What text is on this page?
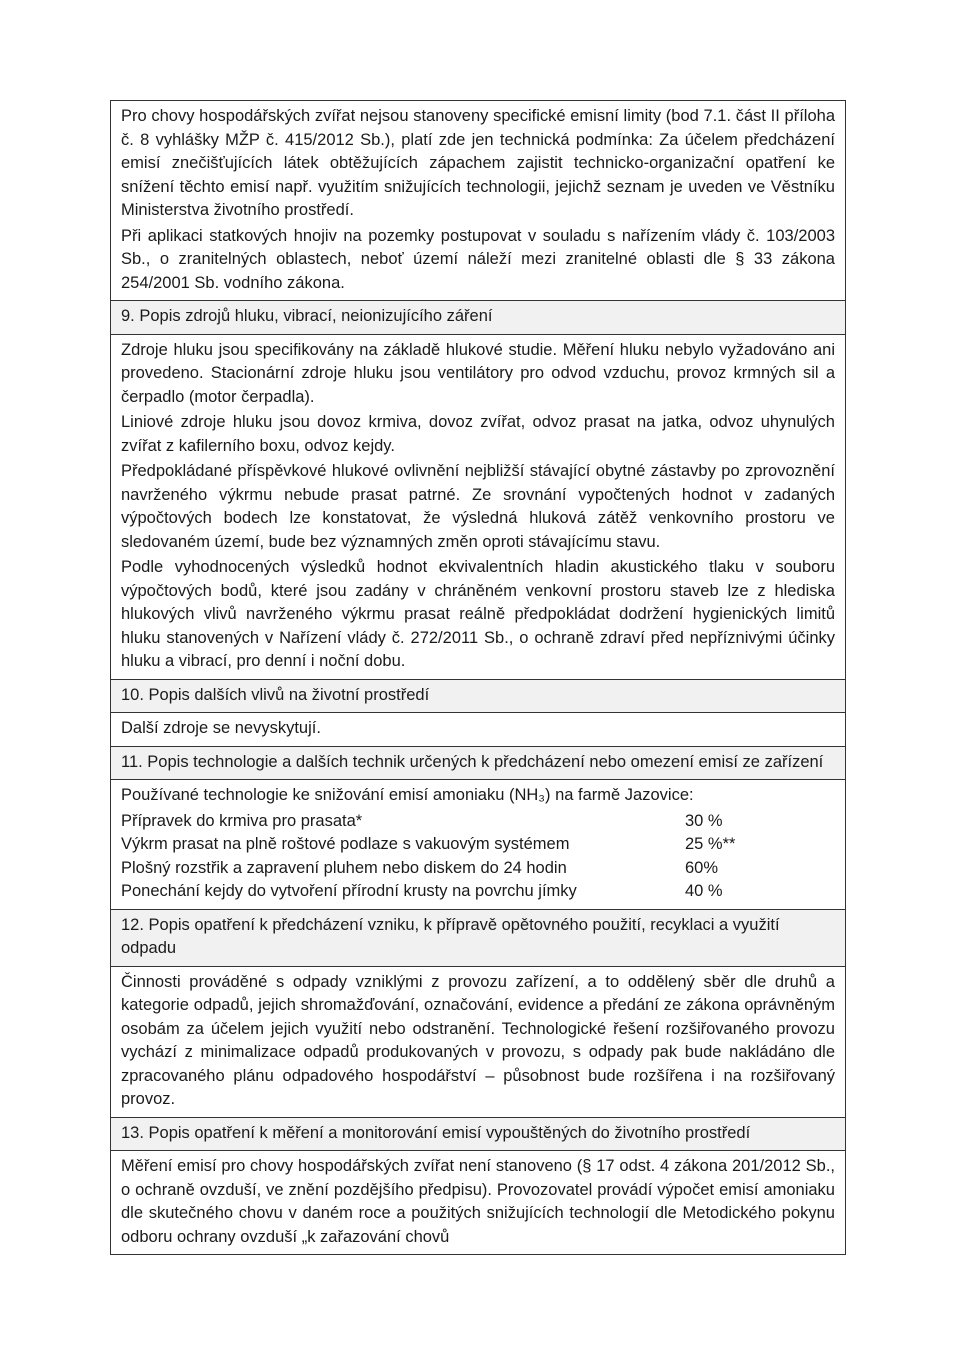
Pro chovy hospodářských zvířat nejsou stanoveny specifické emisní limity (bod 7.1. část II příloha č. 8 vyhlášky MŽP č. 415/2012 Sb.), platí zde jen technická podmínka: Za účelem předcházení emisí znečišťujících látek obtěžujících zápachem zajistit technicko-organizační opatření ke snížení těchto emisí např. využitím snižujících technologii, jejichž seznam je uveden ve Věstníku Ministerstva životního prostředí.

Při aplikaci statkových hnojiv na pozemky postupovat v souladu s nařízením vlády č. 103/2003 Sb., o zranitelných oblastech, neboť území náleží mezi zranitelné oblasti dle § 33 zákona 254/2001 Sb. vodního zákona.

9. Popis zdrojů hluku, vibrací, neionizujícího záření

Zdroje hluku jsou specifikovány na základě hlukové studie. Měření hluku nebylo vyžadováno ani provedeno. Stacionární zdroje hluku jsou ventilátory pro odvod vzduchu, provoz krmných sil a čerpadlo (motor čerpadla).

Liniové zdroje hluku jsou dovoz krmiva, dovoz zvířat, odvoz prasat na jatka, odvoz uhynulých zvířat z kafilerního boxu, odvoz kejdy.

Předpokládané příspěvkové hlukové ovlivnění nejbližší stávající obytné zástavby po zprovoznění navrženého výkrmu nebude prasat patrné. Ze srovnání vypočtených hodnot v zadaných výpočtových bodech lze konstatovat, že výsledná hluková zátěž venkovního prostoru ve sledovaném území, bude bez významných změn oproti stávajícímu stavu.

Podle vyhodnocených výsledků hodnot ekvivalentních hladin akustického tlaku v souboru výpočtových bodů, které jsou zadány v chráněném venkovní prostoru staveb lze z hlediska hlukových vlivů navrženého výkrmu prasat reálně předpokládat dodržení hygienických limitů hluku stanovených v Nařízení vlády č. 272/2011 Sb., o ochraně zdraví před nepříznivými účinky hluku a vibrací, pro denní i noční dobu.

10. Popis dalších vlivů na životní prostředí

Další zdroje se nevyskytují.

11. Popis technologie a dalších technik určených k předcházení nebo omezení emisí ze zařízení

Používané technologie ke snižování emisí amoniaku (NH₃) na farmě Jazovice:

Přípravek do krmiva pro prasata*	30 %
Výkrm prasat na plně roštové podlaze s vakuovým systémem	25 %**
Plošný rozstřik a zapravení pluhem nebo diskem do 24 hodin	60%
Ponechání kejdy do vytvoření přírodní krusty na povrchu jímky	40 %

12. Popis opatření k předcházení vzniku, k přípravě opětovného použití, recyklaci a využití odpadu

Činnosti prováděné s odpady vzniklými z provozu zařízení, a to oddělený sběr dle druhů a kategorie odpadů, jejich shromažďování, označování, evidence a předání ze zákona oprávněným osobám za účelem jejich využití nebo odstranění. Technologické řešení rozšiřovaného provozu vychází z minimalizace odpadů produkovaných v provozu, s odpady pak bude nakládáno dle zpracovaného plánu odpadového hospodářství – působnost bude rozšířena i na rozšiřovaný provoz.

13. Popis opatření k měření a monitorování emisí vypouštěných do životního prostředí

Měření emisí pro chovy hospodářských zvířat není stanoveno (§ 17 odst. 4 zákona 201/2012 Sb., o ochraně ovzduší, ve znění pozdějšího předpisu). Provozovatel provádí výpočet emisí amoniaku dle skutečného chovu v daném roce a použitých snižujících technologií dle Metodického pokynu odboru ochrany ovzduší „k zařazování chovů
